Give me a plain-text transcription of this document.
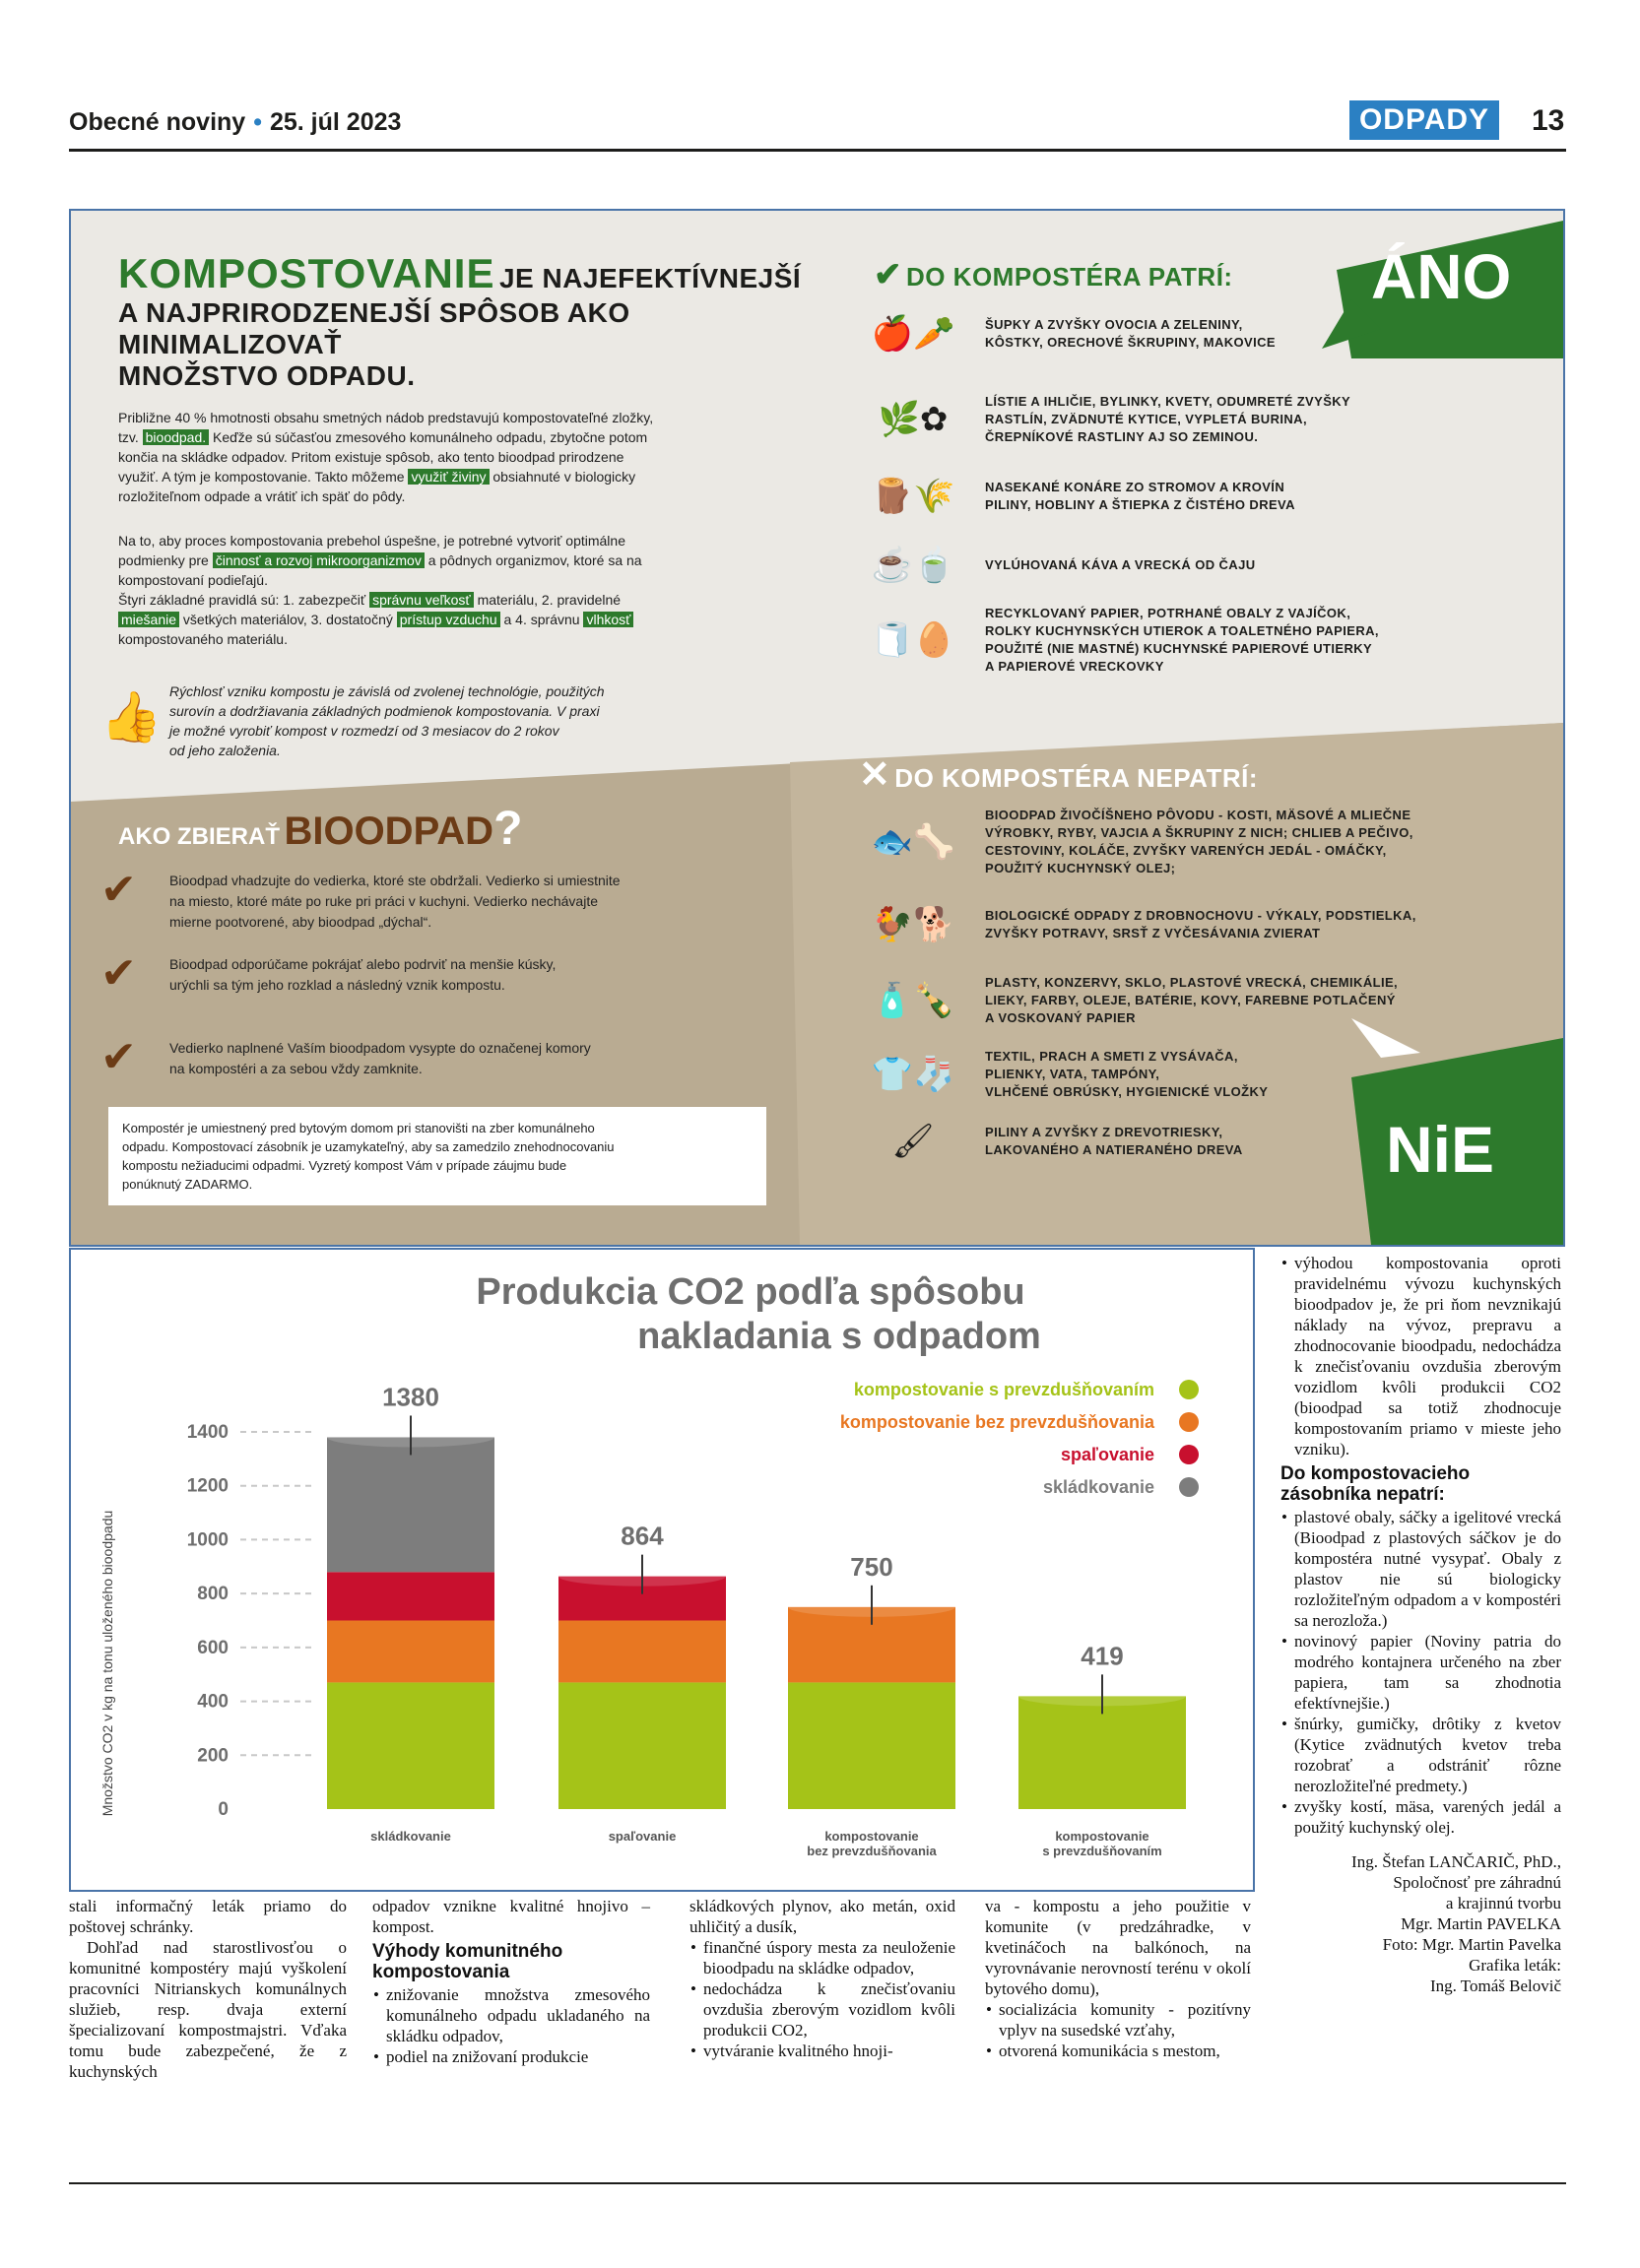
Obecné noviny • 25. júl 2023	ODPADY	13
KOMPOSTOVANIE JE NAJEFEKTÍVNEJŠÍ
A NAJPRIRODZENEJŠÍ SPÔSOB AKO MINIMALIZOVAŤ
MNOŽSTVO ODPADU.
Približne 40 % hmotnosti obsahu smetných nádob predstavujú kompostovateľné zložky,
tzv. bioodpad. Keďže sú súčasťou zmesového komunálneho odpadu, zbytočne potom
končia na skládke odpadov. Pritom existuje spôsob, ako tento bioodpad prirodzene
využiť. A tým je kompostovanie. Takto môžeme využiť živiny obsiahnuté v biologicky
rozložiteľnom odpade a vrátiť ich späť do pôdy.
Na to, aby proces kompostovania prebehol úspešne, je potrebné vytvoriť optimálne
podmienky pre činnosť a rozvoj mikroorganizmov a pôdnych organizmov, ktoré sa na
kompostovaní podieľajú.
Štyri základné pravidlá sú: 1. zabezpečiť správnu veľkosť materiálu, 2. pravidelné
miešanie všetkých materiálov, 3. dostatočný prístup vzduchu a 4. správnu vlhkosť
kompostovaného materiálu.
👍 Rýchlosť vzniku kompostu je závislá od zvolenej technológie, použitých
surovín a dodržiavania základných podmienok kompostovania. V praxi
je možné vyrobiť kompost v rozmedzí od 3 mesiacov do 2 rokov
od jeho založenia.
✔ DO KOMPOSTÉRA PATRÍ: ÁNO
🍎🥕	ŠUPKY A ZVYŠKY OVOCIA A ZELENINY,
KÔSTKY, ORECHOVÉ ŠKRUPINY, MAKOVICE
🌿✿	LÍSTIE A IHLIČIE, BYLINKY, KVETY, ODUMRETÉ ZVYŠKY
RASTLÍN, ZVÄDNUTÉ KYTICE, VYPLETÁ BURINA,
ČREPNÍKOVÉ RASTLINY AJ SO ZEMINOU.
🪵🌾	NASEKANÉ KONÁRE ZO STROMOV A KROVÍN
PILINY, HOBLINY A ŠTIEPKA Z ČISTÉHO DREVA
☕🍵	VYLÚHOVANÁ KÁVA A VRECKÁ OD ČAJU
🧻🥚
RECYKLOVANÝ PAPIER, POTRHANÉ OBALY Z VAJÍČOK,
ROLKY KUCHYNSKÝCH UTIEROK A TOALETNÉHO PAPIERA,
POUŽITÉ (NIE MASTNÉ) KUCHYNSKÉ PAPIEROVÉ UTIERKY
A PAPIEROVÉ VRECKOVKY
AKO ZBIERAŤ BIOODPAD?
✔	Bioodpad vhadzujte do vedierka, ktoré ste obdržali. Vedierko si umiestnite
na miesto, ktoré máte po ruke pri práci v kuchyni. Vedierko nechávajte
mierne pootvorené, aby bioodpad „dýchal“.
✔	Bioodpad odporúčame pokrájať alebo podrviť na menšie kúsky,
urýchli sa tým jeho rozklad a následný vznik kompostu.
✔	Vedierko naplnené Vaším bioodpadom vysypte do označenej komory
na kompostéri a za sebou vždy zamknite.
Kompostér je umiestnený pred bytovým domom pri stanovišti na zber komunálneho
odpadu. Kompostovací zásobník je uzamykateľný, aby sa zamedzilo znehodnocovaniu
kompostu nežiaducimi odpadmi. Vyzretý kompost Vám v prípade záujmu bude
ponúknutý ZADARMO.
✕ DO KOMPOSTÉRA NEPATRÍ:
NiE
🐟🦴
BIOODPAD ŽIVOČÍŠNEHO PÔVODU - KOSTI, MÄSOVÉ A MLIEČNE
VÝROBKY, RYBY, VAJCIA A ŠKRUPINY Z NICH; CHLIEB A PEČIVO,
CESTOVINY, KOLÁČE, ZVYŠKY VARENÝCH JEDÁL - OMÁČKY,
POUŽITÝ KUCHYNSKÝ OLEJ;
🐓🐕	BIOLOGICKÉ ODPADY Z DROBNOCHOVU - VÝKALY, PODSTIELKA,
ZVYŠKY POTRAVY, SRSŤ Z VYČESÁVANIA ZVIERAT
🧴🍾	PLASTY, KONZERVY, SKLO, PLASTOVÉ VRECKÁ, CHEMIKÁLIE,
LIEKY, FARBY, OLEJE, BATÉRIE, KOVY, FAREBNE POTLAČENÝ
A VOSKOVANÝ PAPIER
👕🧦	TEXTIL, PRACH A SMETI Z VYSÁVAČA,
PLIENKY, VATA, TAMPÓNY,
VLHČENÉ OBRÚSKY, HYGIENICKÉ VLOŽKY
🖌	PILINY A ZVYŠKY Z DREVOTRIESKY,
LAKOVANÉHO A NATIERANÉHO DREVA
Produkcia CO2 podľa spôsobu
nakladania s odpadom
Množstvo CO2 v kg na tonu uloženého bioodpadu	0
200
400
600
800
1000
1200
1400
1380
864
750
419
kompostovanie s prevzdušňovaním
kompostovanie bez prevzdušňovania
spaľovanie
skládkovanie
skládkovanie	spaľovanie	kompostovanie
bez prevzdušňovania
kompostovanie
s prevzdušňovaním
• výhodou kompostovania oproti pravidelnému vývozu kuchynských bioodpadov je, že pri ňom nevznikajú náklady na vývoz, prepravu a zhodnocovanie bioodpadu, nedochádza k znečisťovaniu ovzdušia zberovým vozidlom kvôli produkcii CO2 (bioodpad sa totiž zhodnocuje kompostovaním priamo v mieste jeho vzniku).
Do kompostovacieho zásobníka nepatrí:
• plastové obaly, sáčky a igelitové vrecká (Bioodpad z plastových sáčkov je do kompostéra nutné vysypať. Obaly z plastov nie sú biologicky rozložiteľným odpadom a v kompostéri sa nerozloža.)
• novinový papier (Noviny patria do modrého kontajnera určeného na zber papiera, tam sa zhodnotia efektívnejšie.)
• šnúrky, gumičky, drôtiky z kvetov (Kytice zvädnutých kvetov treba rozobrať a odstrániť rôzne nerozložiteľné predmety.)
• zvyšky kostí, mäsa, varených jedál a použitý kuchynský olej.
Ing. Štefan LANČARIČ, PhD.,
Spoločnosť pre záhradnú
a krajinnú tvorbu
Mgr. Martin PAVELKA
Foto: Mgr. Martin Pavelka
Grafika leták:
Ing. Tomáš Belovič

stali informačný leták priamo do poštovej schránky.

Dohľad nad starostlivosťou o komunitné kompostéry majú vyškolení pracovníci Nitrianskych komunálnych služieb, resp. dvaja externí špecializovaní kompostmajstri. Vďaka tomu bude zabezpečené, že z kuchynských

odpadov vznikne kvalitné hnojivo – kompost.

Výhody komunitného kompostovania
• znižovanie množstva zmesového komunálneho odpadu ukladaného na skládku odpadov,
• podiel na znižovaní produkcie

skládkových plynov, ako metán, oxid uhličitý a dusík,

• finančné úspory mesta za neuloženie bioodpadu na skládke odpadov,
• nedochádza k znečisťovaniu ovzdušia zberovým vozidlom kvôli produkcii CO2,
• vytváranie kvalitného hnoji-

va - kompostu a jeho použitie v komunite (v predzáhradke, v kvetináčoch na balkónoch, na vyrovnávanie nerovností terénu v okolí bytového domu),

• socializácia komunity - pozitívny vplyv na susedské vzťahy,
• otvorená komunikácia s mestom,
